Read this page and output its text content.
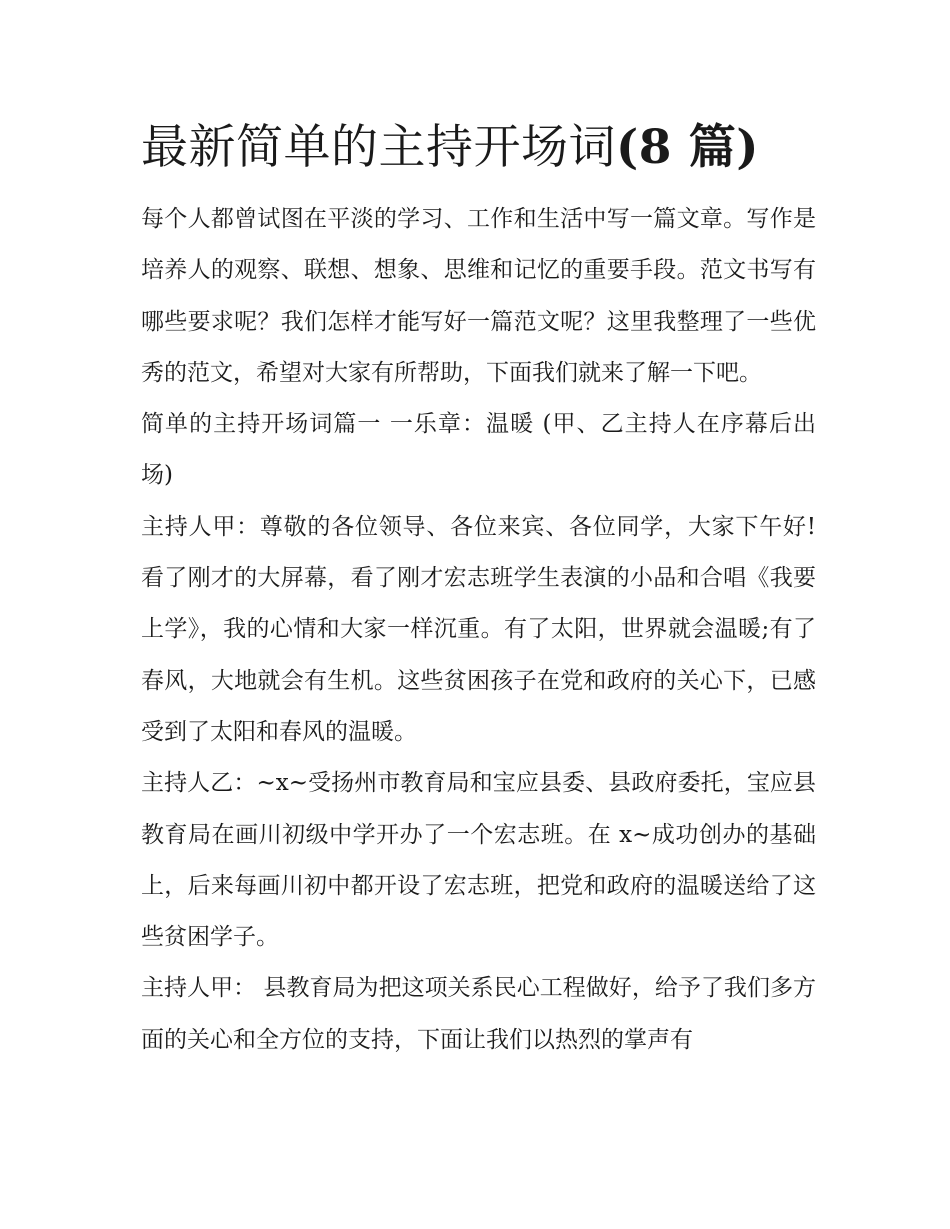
最新简单的主持开场词(8 篇)

每个人都曾试图在平淡的学习、工作和生活中写一篇文章。写作是培养人的观察、联想、想象、思维和记忆的重要手段。范文书写有哪些要求呢？我们怎样才能写好一篇范文呢？这里我整理了一些优秀的范文，希望对大家有所帮助，下面我们就来了解一下吧。

简单的主持开场词篇一 一乐章：温暖 (甲、乙主持人在序幕后出场)

主持人甲：尊敬的各位领导、各位来宾、各位同学，大家下午好!看了刚才的大屏幕，看了刚才宏志班学生表演的小品和合唱《我要上学》，我的心情和大家一样沉重。有了太阳，世界就会温暖;有了春风，大地就会有生机。这些贫困孩子在党和政府的关心下，已感受到了太阳和春风的温暖。

主持人乙：~x~受扬州市教育局和宝应县委、县政府委托，宝应县教育局在画川初级中学开办了一个宏志班。在 x~成功创办的基础上，后来每画川初中都开设了宏志班，把党和政府的温暖送给了这些贫困学子。

主持人甲： 县教育局为把这项关系民心工程做好，给予了我们多方面的关心和全方位的支持，下面让我们以热烈的掌声有
